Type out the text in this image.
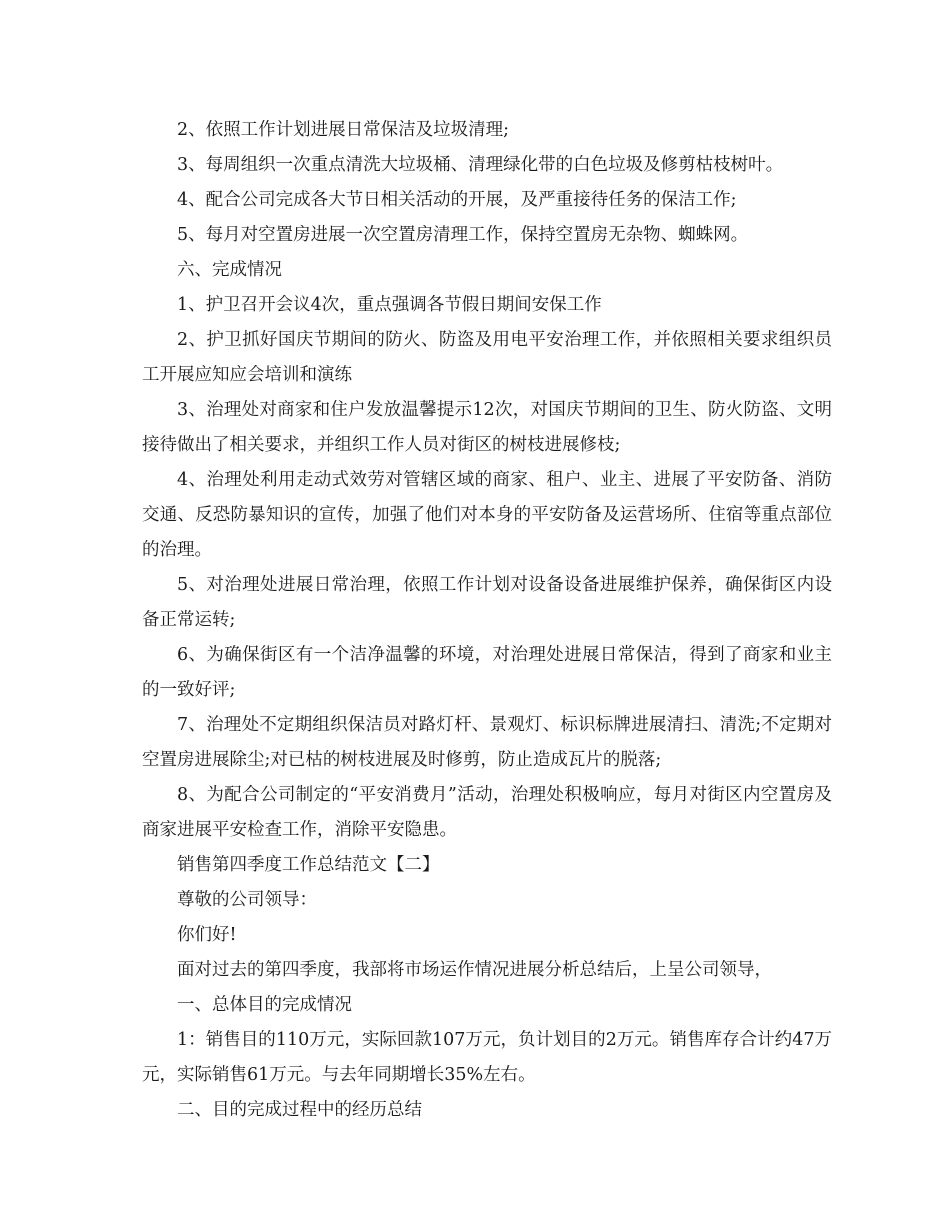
2、依照工作计划进展日常保洁及垃圾清理;

3、每周组织一次重点清洗大垃圾桶、清理绿化带的白色垃圾及修剪枯枝树叶。

4、配合公司完成各大节日相关活动的开展，及严重接待任务的保洁工作;

5、每月对空置房进展一次空置房清理工作，保持空置房无杂物、蜘蛛网。

六、完成情况

1、护卫召开会议4次，重点强调各节假日期间安保工作

2、护卫抓好国庆节期间的防火、防盗及用电平安治理工作，并依照相关要求组织员工开展应知应会培训和演练

3、治理处对商家和住户发放温馨提示12次，对国庆节期间的卫生、防火防盗、文明接待做出了相关要求，并组织工作人员对街区的树枝进展修枝;

4、治理处利用走动式效劳对管辖区域的商家、租户、业主、进展了平安防备、消防交通、反恐防暴知识的宣传，加强了他们对本身的平安防备及运营场所、住宿等重点部位的治理。

5、对治理处进展日常治理，依照工作计划对设备设备进展维护保养，确保街区内设备正常运转;

6、为确保街区有一个洁净温馨的环境，对治理处进展日常保洁，得到了商家和业主的一致好评;

7、治理处不定期组织保洁员对路灯杆、景观灯、标识标牌进展清扫、清洗;不定期对空置房进展除尘;对已枯的树枝进展及时修剪，防止造成瓦片的脱落;

8、为配合公司制定的“平安消费月”活动，治理处积极响应，每月对街区内空置房及商家进展平安检查工作，消除平安隐患。

销售第四季度工作总结范文【二】

尊敬的公司领导：

你们好!

面对过去的第四季度，我部将市场运作情况进展分析总结后，上呈公司领导，

一、总体目的完成情况

1：销售目的110万元，实际回款107万元，负计划目的2万元。销售库存合计约47万元，实际销售61万元。与去年同期增长35%左右。

二、目的完成过程中的经历总结
